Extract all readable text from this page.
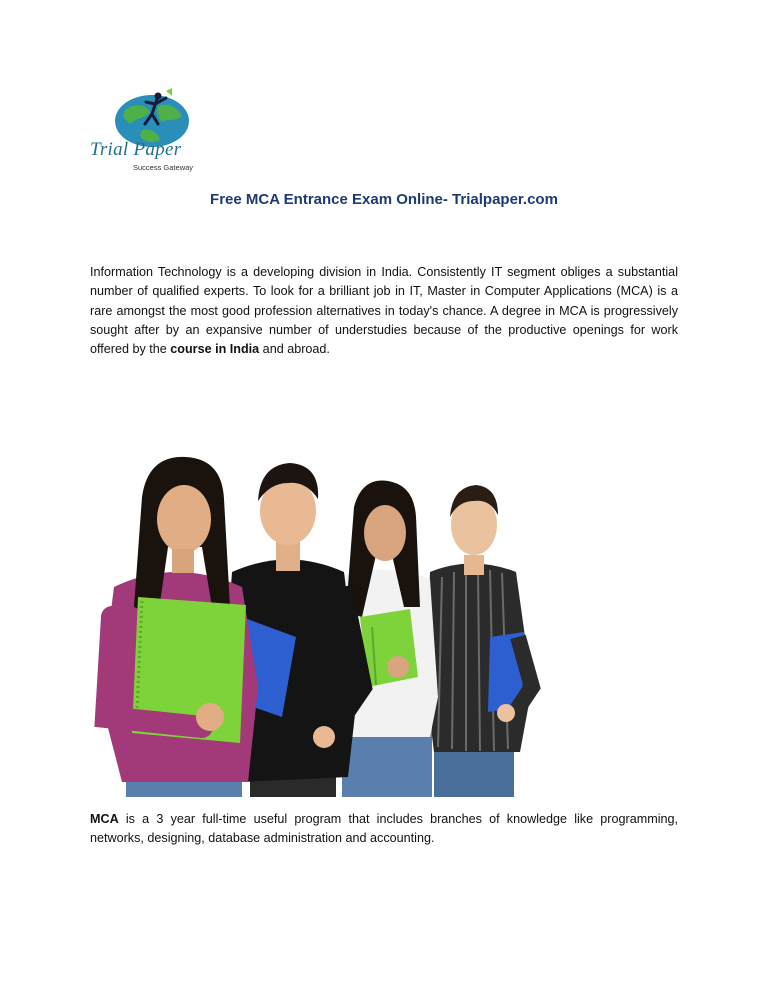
Trial Paper
Success Gateway
Free MCA Entrance Exam Online- Trialpaper.com
Information Technology is a developing division in India. Consistently IT segment obliges a substantial number of qualified experts. To look for a brilliant job in IT, Master in Computer Applications (MCA) is a rare amongst the most good profession alternatives in today's chance. A degree in MCA is progressively sought after by an expansive number of understudies because of the productive openings for work offered by the course in India and abroad.
MCA is a 3 year full-time useful program that includes branches of knowledge like programming, networks, designing, database administration and accounting.
